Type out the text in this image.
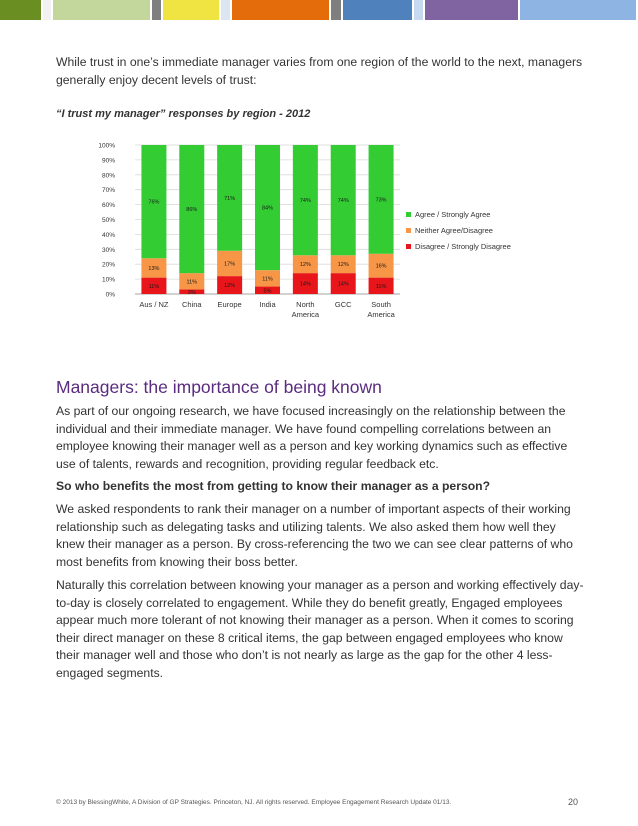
While trust in one’s immediate manager varies from one region of the world to the next, managers generally enjoy decent levels of trust:

“I trust my manager” responses by region - 2012

0%
10%
20%
30%
40%
50%
60%
70%
80%
90%
100%
11%
13%
76%
Aus / NZ
3%
11%
86%
China
12%
17%
71%
Europe
5%
11%
84%
India
14%
12%
74%
North
America
14%
12%
74%
GCC
11%
16%
73%
South
America
Agree / Strongly Agree
Neither Agree/Disagree
Disagree / Strongly Disagree
Managers: the importance of being known

As part of our ongoing research, we have focused increasingly on the relationship between the individual and their immediate manager. We have found compelling correlations between an employee knowing their manager well as a person and key working dynamics such as effective use of talents, rewards and recognition, providing regular feedback etc.

So who benefits the most from getting to know their manager as a person?

We asked respondents to rank their manager on a number of important aspects of their working relationship such as delegating tasks and utilizing talents. We also asked them how well they knew their manager as a person. By cross-referencing the two we can see clear patterns of who most benefits from knowing their boss better.

Naturally this correlation between knowing your manager as a person and working effectively day-to-day is closely correlated to engagement. While they do benefit greatly, Engaged employees appear much more tolerant of not knowing their manager as a person. When it comes to scoring their direct manager on these 8 critical items, the gap between engaged employees who know their manager well and those who don’t is not nearly as large as the gap for the other 4 less-engaged segments.

© 2013 by BlessingWhite, A Division of GP Strategies. Princeton, NJ. All rights reserved. Employee Engagement Research Update 01/13.	20
